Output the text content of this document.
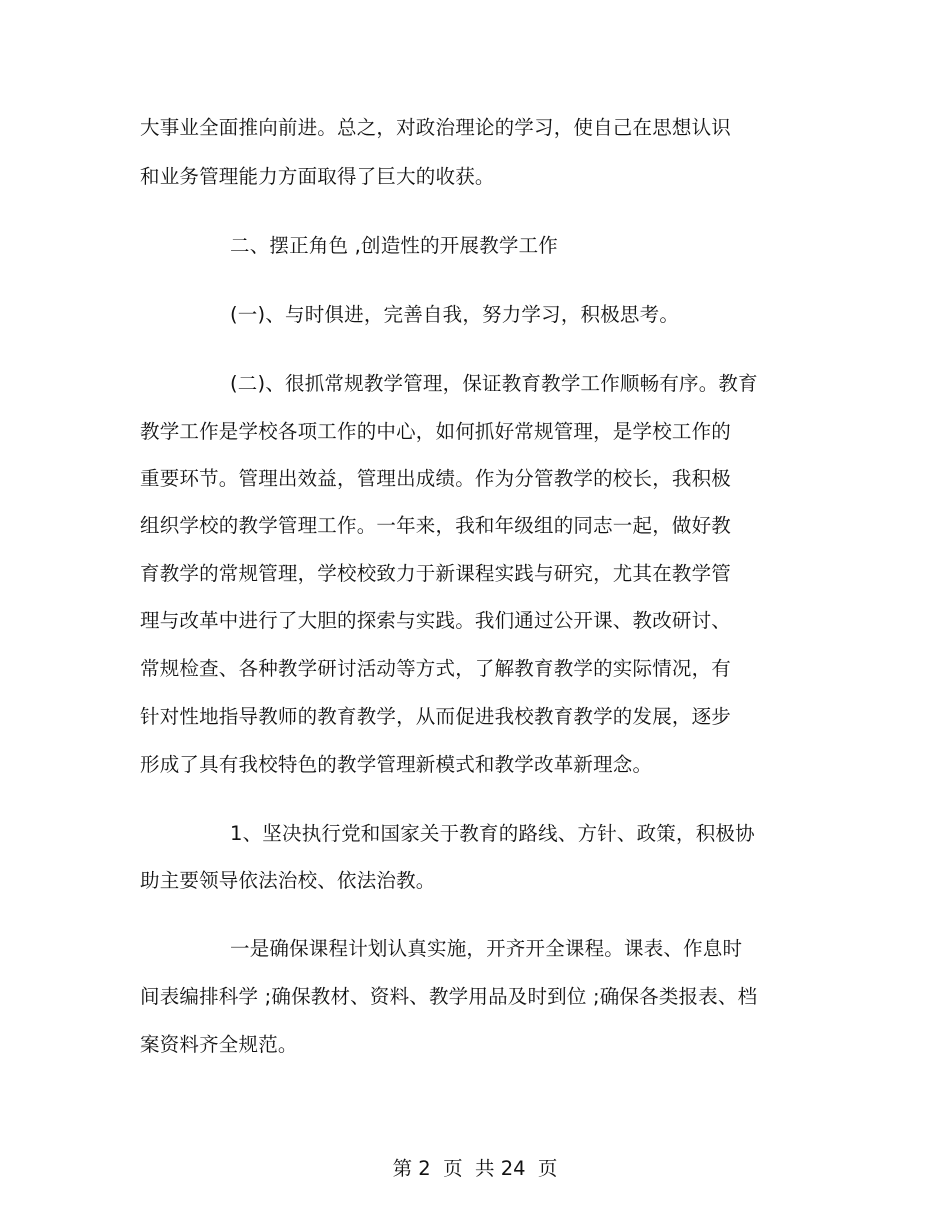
大事业全面推向前进。总之，对政治理论的学习，使自己在思想认识
和业务管理能力方面取得了巨大的收获。
二、摆正角色 ,创造性的开展教学工作
(一)、与时俱进，完善自我，努力学习，积极思考。
(二)、很抓常规教学管理，保证教育教学工作顺畅有序。教育
教学工作是学校各项工作的中心，如何抓好常规管理，是学校工作的
重要环节。管理出效益，管理出成绩。作为分管教学的校长，我积极
组织学校的教学管理工作。一年来，我和年级组的同志一起，做好教
育教学的常规管理，学校校致力于新课程实践与研究，尤其在教学管
理与改革中进行了大胆的探索与实践。我们通过公开课、教改研讨、
常规检查、各种教学研讨活动等方式，了解教育教学的实际情况，有
针对性地指导教师的教育教学，从而促进我校教育教学的发展，逐步
形成了具有我校特色的教学管理新模式和教学改革新理念。
1、坚决执行党和国家关于教育的路线、方针、政策，积极协
助主要领导依法治校、依法治教。
一是确保课程计划认真实施，开齐开全课程。课表、作息时
间表编排科学 ;确保教材、资料、教学用品及时到位 ;确保各类报表、档
案资料齐全规范。
第 2  页  共 24  页
